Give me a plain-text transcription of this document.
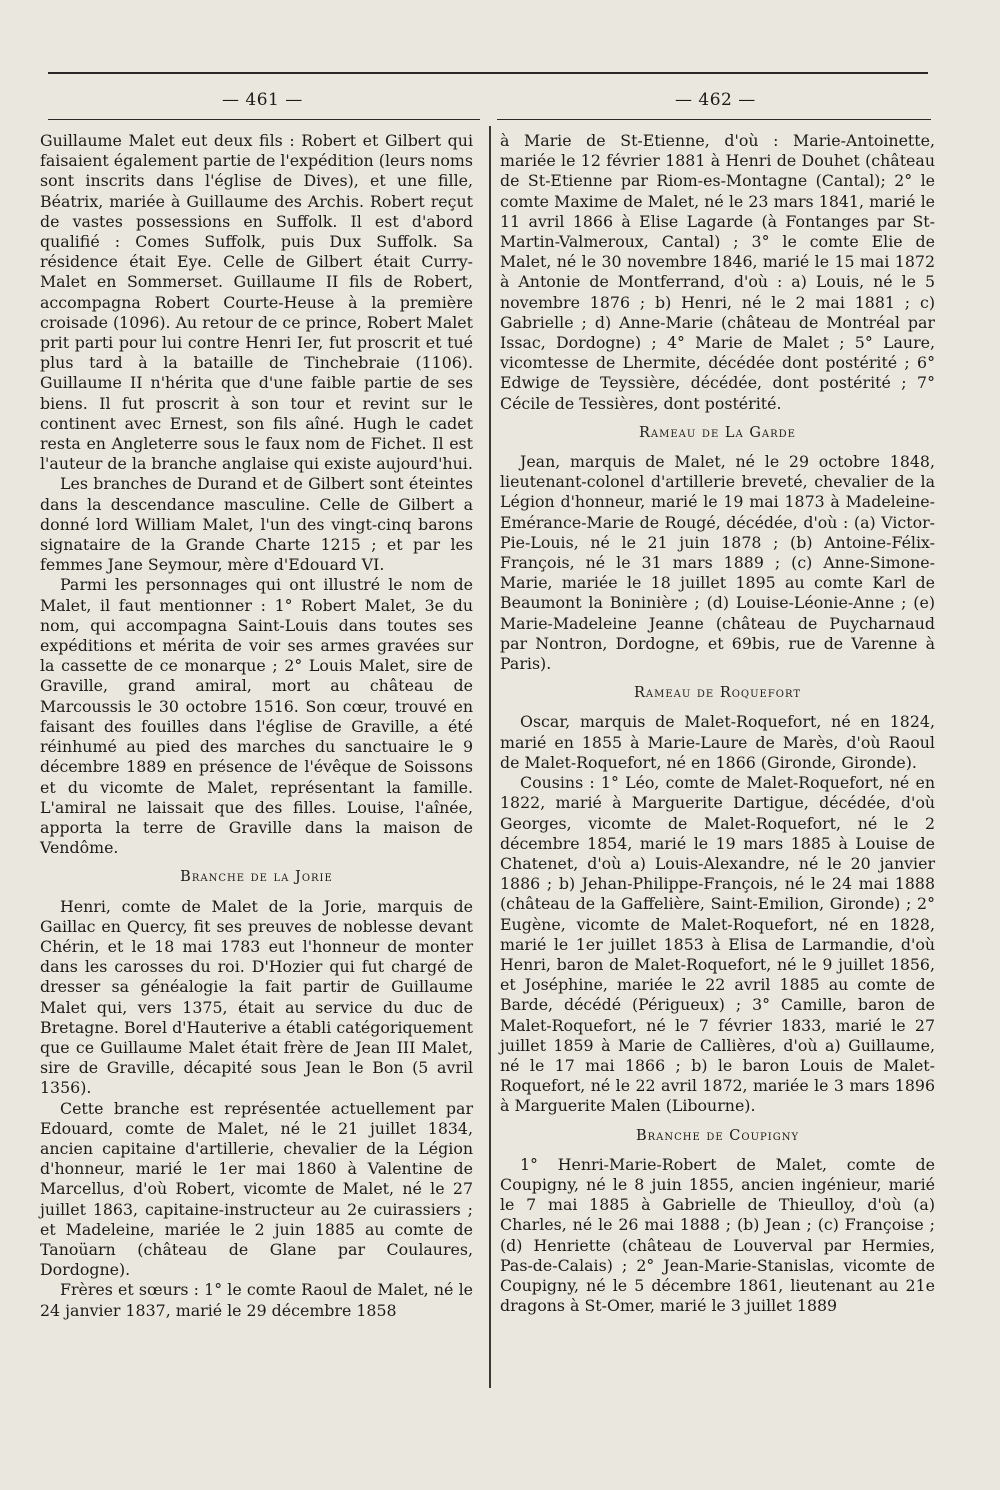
— 461 —	— 462 —

Guillaume Malet eut deux fils : Robert et Gilbert qui faisaient également partie de l'expédition (leurs noms sont inscrits dans l'église de Dives), et une fille, Béatrix, mariée à Guillaume des Archis. Robert reçut de vastes possessions en Suffolk. Il est d'abord qualifié : Comes Suffolk, puis Dux Suffolk. Sa résidence était Eye. Celle de Gilbert était Curry-Malet en Sommerset. Guillaume II fils de Robert, accompagna Robert Courte-Heuse à la première croisade (1096). Au retour de ce prince, Robert Malet prit parti pour lui contre Henri Ier, fut proscrit et tué plus tard à la bataille de Tinchebraie (1106). Guillaume II n'hérita que d'une faible partie de ses biens. Il fut proscrit à son tour et revint sur le continent avec Ernest, son fils aîné. Hugh le cadet resta en Angleterre sous le faux nom de Fichet. Il est l'auteur de la branche anglaise qui existe aujourd'hui.

Les branches de Durand et de Gilbert sont éteintes dans la descendance masculine. Celle de Gilbert a donné lord William Malet, l'un des vingt-cinq barons signataire de la Grande Charte 1215 ; et par les femmes Jane Seymour, mère d'Edouard VI.

Parmi les personnages qui ont illustré le nom de Malet, il faut mentionner : 1° Robert Malet, 3e du nom, qui accompagna Saint-Louis dans toutes ses expéditions et mérita de voir ses armes gravées sur la cassette de ce monarque ; 2° Louis Malet, sire de Graville, grand amiral, mort au château de Marcoussis le 30 octobre 1516. Son cœur, trouvé en faisant des fouilles dans l'église de Graville, a été réinhumé au pied des marches du sanctuaire le 9 décembre 1889 en présence de l'évêque de Soissons et du vicomte de Malet, représentant la famille. L'amiral ne laissait que des filles. Louise, l'aînée, apporta la terre de Graville dans la maison de Vendôme.

Branche de la Jorie

Henri, comte de Malet de la Jorie, marquis de Gaillac en Quercy, fit ses preuves de noblesse devant Chérin, et le 18 mai 1783 eut l'honneur de monter dans les carosses du roi. D'Hozier qui fut chargé de dresser sa généalogie la fait partir de Guillaume Malet qui, vers 1375, était au service du duc de Bretagne. Borel d'Hauterive a établi catégoriquement que ce Guillaume Malet était frère de Jean III Malet, sire de Graville, décapité sous Jean le Bon (5 avril 1356).

Cette branche est représentée actuellement par Edouard, comte de Malet, né le 21 juillet 1834, ancien capitaine d'artillerie, chevalier de la Légion d'honneur, marié le 1er mai 1860 à Valentine de Marcellus, d'où Robert, vicomte de Malet, né le 27 juillet 1863, capitaine-instructeur au 2e cuirassiers ; et Madeleine, mariée le 2 juin 1885 au comte de Tanoüarn (château de Glane par Coulaures, Dordogne).

Frères et sœurs : 1° le comte Raoul de Malet, né le 24 janvier 1837, marié le 29 décembre 1858

à Marie de St-Etienne, d'où : Marie-Antoinette, mariée le 12 février 1881 à Henri de Douhet (château de St-Etienne par Riom-es-Montagne (Cantal); 2° le comte Maxime de Malet, né le 23 mars 1841, marié le 11 avril 1866 à Elise Lagarde (à Fontanges par St-Martin-Valmeroux, Cantal) ; 3° le comte Elie de Malet, né le 30 novembre 1846, marié le 15 mai 1872 à Antonie de Montferrand, d'où : a) Louis, né le 5 novembre 1876 ; b) Henri, né le 2 mai 1881 ; c) Gabrielle ; d) Anne-Marie (château de Montréal par Issac, Dordogne) ; 4° Marie de Malet ; 5° Laure, vicomtesse de Lhermite, décédée dont postérité ; 6° Edwige de Teyssière, décédée, dont postérité ; 7° Cécile de Tessières, dont postérité.

Rameau de La Garde

Jean, marquis de Malet, né le 29 octobre 1848, lieutenant-colonel d'artillerie breveté, chevalier de la Légion d'honneur, marié le 19 mai 1873 à Madeleine-Emérance-Marie de Rougé, décédée, d'où : (a) Victor-Pie-Louis, né le 21 juin 1878 ; (b) Antoine-Félix-François, né le 31 mars 1889 ; (c) Anne-Simone-Marie, mariée le 18 juillet 1895 au comte Karl de Beaumont la Boninière ; (d) Louise-Léonie-Anne ; (e) Marie-Madeleine Jeanne (château de Puycharnaud par Nontron, Dordogne, et 69bis, rue de Varenne à Paris).

Rameau de Roquefort

Oscar, marquis de Malet-Roquefort, né en 1824, marié en 1855 à Marie-Laure de Marès, d'où Raoul de Malet-Roquefort, né en 1866 (Gironde, Gironde).

Cousins : 1° Léo, comte de Malet-Roquefort, né en 1822, marié à Marguerite Dartigue, décédée, d'où Georges, vicomte de Malet-Roquefort, né le 2 décembre 1854, marié le 19 mars 1885 à Louise de Chatenet, d'où a) Louis-Alexandre, né le 20 janvier 1886 ; b) Jehan-Philippe-François, né le 24 mai 1888 (château de la Gaffelière, Saint-Emilion, Gironde) ; 2° Eugène, vicomte de Malet-Roquefort, né en 1828, marié le 1er juillet 1853 à Elisa de Larmandie, d'où Henri, baron de Malet-Roquefort, né le 9 juillet 1856, et Joséphine, mariée le 22 avril 1885 au comte de Barde, décédé (Périgueux) ; 3° Camille, baron de Malet-Roquefort, né le 7 février 1833, marié le 27 juillet 1859 à Marie de Callières, d'où a) Guillaume, né le 17 mai 1866 ; b) le baron Louis de Malet-Roquefort, né le 22 avril 1872, mariée le 3 mars 1896 à Marguerite Malen (Libourne).

Branche de Coupigny

1° Henri-Marie-Robert de Malet, comte de Coupigny, né le 8 juin 1855, ancien ingénieur, marié le 7 mai 1885 à Gabrielle de Thieulloy, d'où (a) Charles, né le 26 mai 1888 ; (b) Jean ; (c) Françoise ; (d) Henriette (château de Louverval par Hermies, Pas-de-Calais) ; 2° Jean-Marie-Stanislas, vicomte de Coupigny, né le 5 décembre 1861, lieutenant au 21e dragons à St-Omer, marié le 3 juillet 1889
